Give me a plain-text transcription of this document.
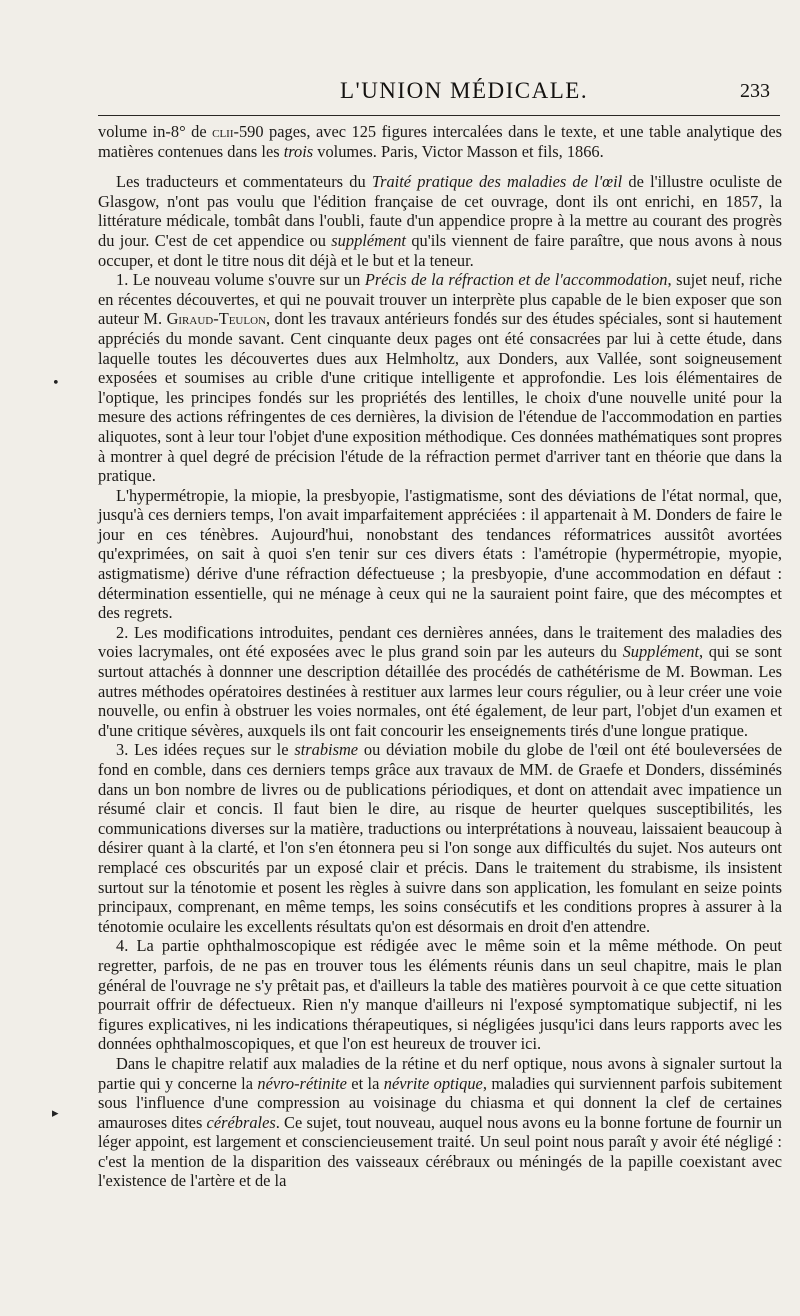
L'UNION MÉDICALE.	233
•
▸

volume in-8° de clii-590 pages, avec 125 figures intercalées dans le texte, et une table analytique des matières contenues dans les trois volumes. Paris, Victor Masson et fils, 1866.

Les traducteurs et commentateurs du Traité pratique des maladies de l'œil de l'illustre oculiste de Glasgow, n'ont pas voulu que l'édition française de cet ouvrage, dont ils ont enrichi, en 1857, la littérature médicale, tombât dans l'oubli, faute d'un appendice propre à la mettre au courant des progrès du jour. C'est de cet appendice ou supplément qu'ils viennent de faire paraître, que nous avons à nous occuper, et dont le titre nous dit déjà et le but et la teneur.

1. Le nouveau volume s'ouvre sur un Précis de la réfraction et de l'accommodation, sujet neuf, riche en récentes découvertes, et qui ne pouvait trouver un interprète plus capable de le bien exposer que son auteur M. Giraud-Teulon, dont les travaux antérieurs fondés sur des études spéciales, sont si hautement appréciés du monde savant. Cent cinquante deux pages ont été consacrées par lui à cette étude, dans laquelle toutes les découvertes dues aux Helmholtz, aux Donders, aux Vallée, sont soigneusement exposées et soumises au crible d'une critique intelligente et approfondie. Les lois élémentaires de l'optique, les principes fondés sur les propriétés des lentilles, le choix d'une nouvelle unité pour la mesure des actions réfringentes de ces dernières, la division de l'étendue de l'accommodation en parties aliquotes, sont à leur tour l'objet d'une exposition méthodique. Ces données mathématiques sont propres à montrer à quel degré de précision l'étude de la réfraction permet d'arriver tant en théorie que dans la pratique.

L'hypermétropie, la miopie, la presbyopie, l'astigmatisme, sont des déviations de l'état normal, que, jusqu'à ces derniers temps, l'on avait imparfaitement appréciées : il appartenait à M. Donders de faire le jour en ces ténèbres. Aujourd'hui, nonobstant des tendances réformatrices aussitôt avortées qu'exprimées, on sait à quoi s'en tenir sur ces divers états : l'amétropie (hypermétropie, myopie, astigmatisme) dérive d'une réfraction défectueuse ; la presbyopie, d'une accommodation en défaut : détermination essentielle, qui ne ménage à ceux qui ne la sauraient point faire, que des mécomptes et des regrets.

2. Les modifications introduites, pendant ces dernières années, dans le traitement des maladies des voies lacrymales, ont été exposées avec le plus grand soin par les auteurs du Supplément, qui se sont surtout attachés à donnner une description détaillée des procédés de cathétérisme de M. Bowman. Les autres méthodes opératoires destinées à restituer aux larmes leur cours régulier, ou à leur créer une voie nouvelle, ou enfin à obstruer les voies normales, ont été également, de leur part, l'objet d'un examen et d'une critique sévères, auxquels ils ont fait concourir les enseignements tirés d'une longue pratique.

3. Les idées reçues sur le strabisme ou déviation mobile du globe de l'œil ont été bouleversées de fond en comble, dans ces derniers temps grâce aux travaux de MM. de Graefe et Donders, disséminés dans un bon nombre de livres ou de publications périodiques, et dont on attendait avec impatience un résumé clair et concis. Il faut bien le dire, au risque de heurter quelques susceptibilités, les communications diverses sur la matière, traductions ou interprétations à nouveau, laissaient beaucoup à désirer quant à la clarté, et l'on s'en étonnera peu si l'on songe aux difficultés du sujet. Nos auteurs ont remplacé ces obscurités par un exposé clair et précis. Dans le traitement du strabisme, ils insistent surtout sur la ténotomie et posent les règles à suivre dans son application, les fomulant en seize points principaux, comprenant, en même temps, les soins consécutifs et les conditions propres à assurer à la ténotomie oculaire les excellents résultats qu'on est désormais en droit d'en attendre.

4. La partie ophthalmoscopique est rédigée avec le même soin et la même méthode. On peut regretter, parfois, de ne pas en trouver tous les éléments réunis dans un seul chapitre, mais le plan général de l'ouvrage ne s'y prêtait pas, et d'ailleurs la table des matières pourvoit à ce que cette situation pourrait offrir de défectueux. Rien n'y manque d'ailleurs ni l'exposé symptomatique subjectif, ni les figures explicatives, ni les indications thérapeutiques, si négligées jusqu'ici dans leurs rapports avec les données ophthalmoscopiques, et que l'on est heureux de trouver ici.

Dans le chapitre relatif aux maladies de la rétine et du nerf optique, nous avons à signaler surtout la partie qui y concerne la névro-rétinite et la névrite optique, maladies qui surviennent parfois subitement sous l'influence d'une compression au voisinage du chiasma et qui donnent la clef de certaines amauroses dites cérébrales. Ce sujet, tout nouveau, auquel nous avons eu la bonne fortune de fournir un léger appoint, est largement et consciencieusement traité. Un seul point nous paraît y avoir été négligé : c'est la mention de la disparition des vaisseaux cérébraux ou méningés de la papille coexistant avec l'existence de l'artère et de la
